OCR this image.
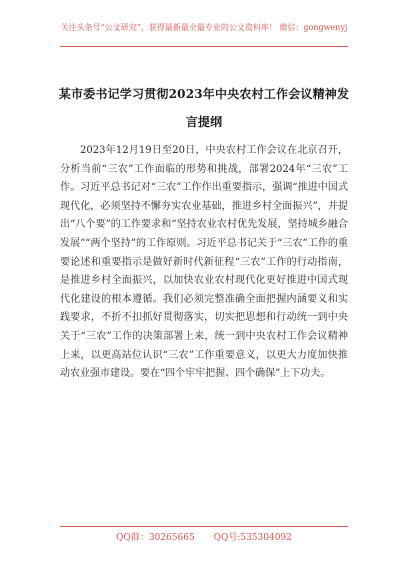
关注头条号“公文研究”，获得最新最全最专业的公文资料库！ 微信：gongwenyj
某市委书记学习贯彻2023年中央农村工作会议精神发言提纲

2023年12月19日至20日，中央农村工作会议在北京召开，分析当前“三农”工作面临的形势和挑战，部署2024年“三农”工作。习近平总书记对“三农”工作作出重要指示，强调“推进中国式现代化，必须坚持不懈夯实农业基础，推进乡村全面振兴”，并提出“八个要”的工作要求和“坚持农业农村优先发展，坚持城乡融合发展”“两个坚持”的工作原则。习近平总书记关于“三农”工作的重要论述和重要指示是做好新时代新征程“三农”工作的行动指南，是推进乡村全面振兴，以加快农业农村现代化更好推进中国式现代化建设的根本遵循。我们必须完整准确全面把握内涵要义和实践要求，不折不扣抓好贯彻落实，切实把思想和行动统一到中央关于“三农”工作的决策部署上来，统一到中央农村工作会议精神上来，以更高站位认识“三农”工作重要意义，以更大力度加快推动农业强市建设。要在“四个牢牢把握、四个确保”上下功夫。

QQ群：30265665 QQ号:535304092
